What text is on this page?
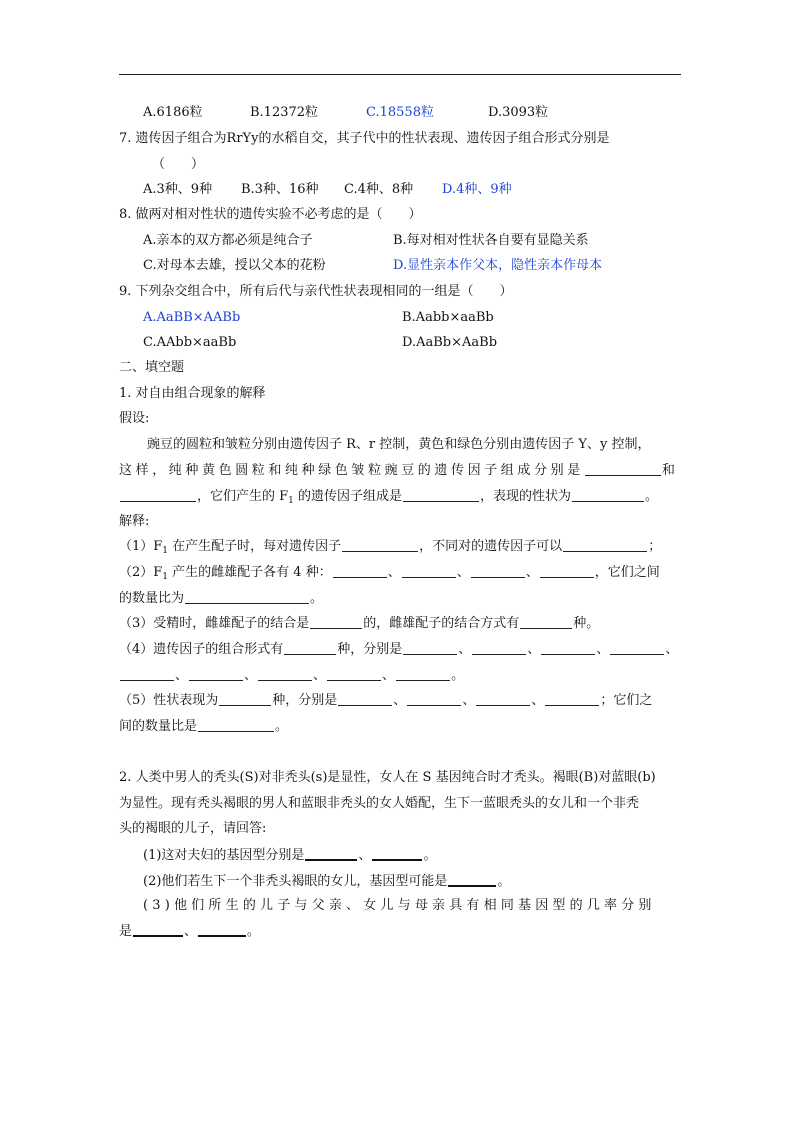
A.6186粒	B.12372粒	C.18558粒	D.3093粒
7. 遗传因子组合为RrYy的水稻自交，其子代中的性状表现、遗传因子组合形式分别是
（　　）
A.3种、9种 B.3种、16种 C.4种、8种 D.4种、9种
8. 做两对相对性状的遗传实验不必考虑的是（　　）
A.亲本的双方都必须是纯合子	B.每对相对性状各自要有显隐关系
C.对母本去雄，授以父本的花粉	D.显性亲本作父本，隐性亲本作母本
9. 下列杂交组合中，所有后代与亲代性状表现相同的一组是（　　）
A.AaBB×AABb	B.Aabb×aaBb
C.AAbb×aaBb	D.AaBb×AaBb
二、填空题
1. 对自由组合现象的解释
假设:
豌豆的圆粒和皱粒分别由遗传因子 R、r 控制，黄色和绿色分别由遗传因子 Y、y 控制，
这样，纯种黄色圆粒和纯种绿色皱粒豌豆的遗传因子组成分别是	和
，它们产生的 $F_1$ 的遗传因子组成是	，表现的性状为	。
解释:
$(1)F_1$ 在产生配子时，每对遗传因子	，不同对的遗传因子可以	；
$(2)F_1$ 产生的雌雄配子各有 4 种：	、	、	、	，它们之间
的数量比为	。
（3）受精时，雌雄配子的结合是	的，雌雄配子的结合方式有	种。
（4）遗传因子的组合形式有	种，分别是	、	、	、	、
、	、	、	、	。
（5）性状表现为	种，分别是	、	、	、	；它们之
间的数量比是	。
2. 人类中男人的秃头(S)对非秃头(s)是显性，女人在 S 基因纯合时才秃头。褐眼(B)对蓝眼(b)
为显性。现有秃头褐眼的男人和蓝眼非秃头的女人婚配，生下一蓝眼秃头的女儿和一个非秃
头的褐眼的儿子，请回答:
(1)这对夫妇的基因型分别是	、	。
(2)他们若生下一个非秃头褐眼的女儿，基因型可能是	。
(3)他们所生的儿子与父亲、女儿与母亲具有相同基因型的几率分别
是	、	。
